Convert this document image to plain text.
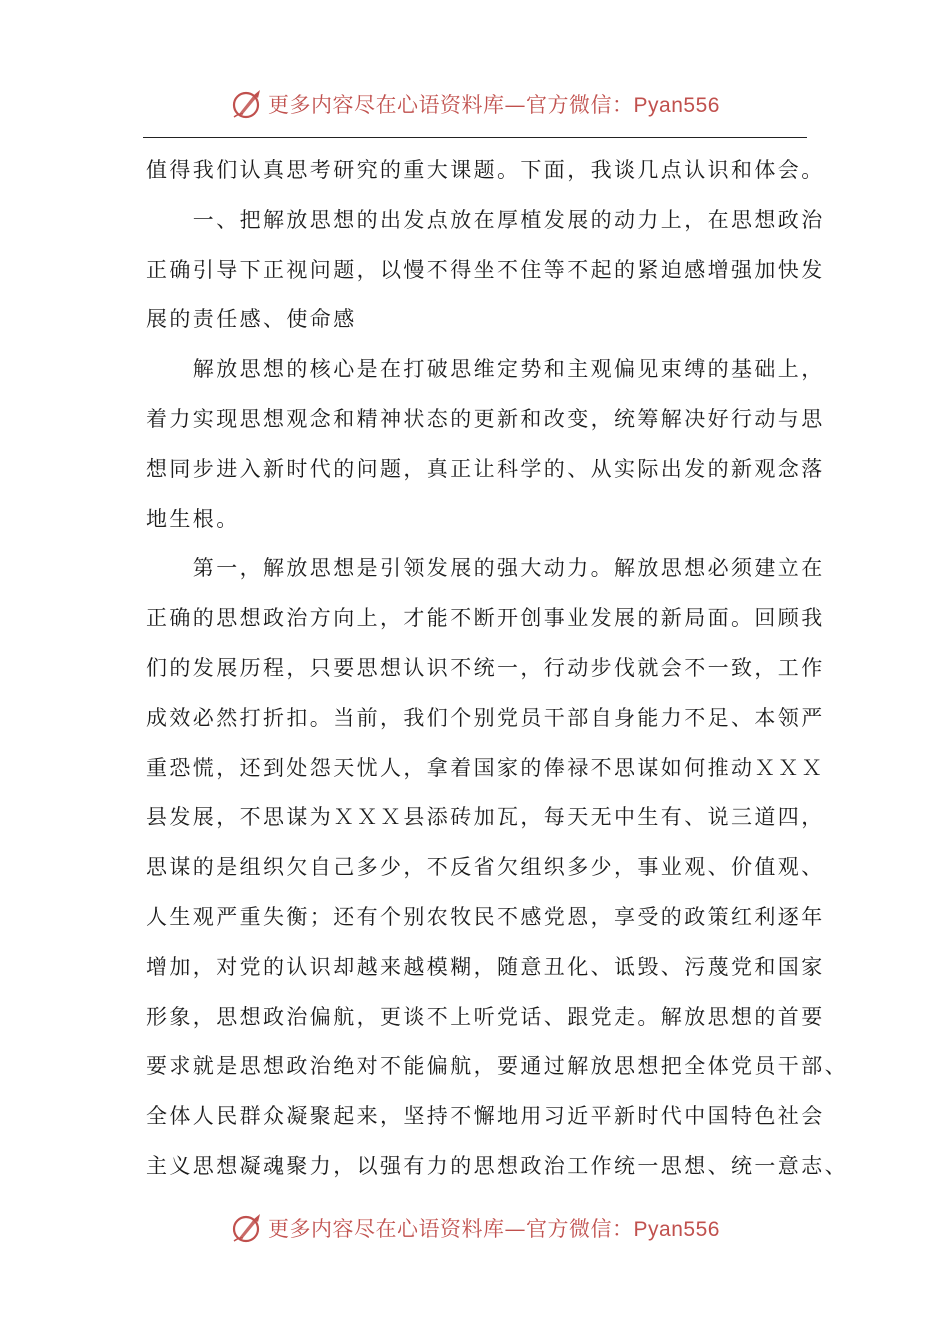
更多内容尽在心语资料库—官方微信：Pyan556
值得我们认真思考研究的重大课题。下面，我谈几点认识和体会。
　　一、把解放思想的出发点放在厚植发展的动力上，在思想政治
正确引导下正视问题，以慢不得坐不住等不起的紧迫感增强加快发
展的责任感、使命感
　　解放思想的核心是在打破思维定势和主观偏见束缚的基础上，
着力实现思想观念和精神状态的更新和改变，统筹解决好行动与思
想同步进入新时代的问题，真正让科学的、从实际出发的新观念落
地生根。
　　第一，解放思想是引领发展的强大动力。解放思想必须建立在
正确的思想政治方向上，才能不断开创事业发展的新局面。回顾我
们的发展历程，只要思想认识不统一，行动步伐就会不一致，工作
成效必然打折扣。当前，我们个别党员干部自身能力不足、本领严
重恐慌，还到处怨天忧人，拿着国家的俸禄不思谋如何推动ＸＸＸ
县发展，不思谋为ＸＸＸ县添砖加瓦，每天无中生有、说三道四，
思谋的是组织欠自己多少，不反省欠组织多少，事业观、价值观、
人生观严重失衡；还有个别农牧民不感党恩，享受的政策红利逐年
增加，对党的认识却越来越模糊，随意丑化、诋毁、污蔑党和国家
形象，思想政治偏航，更谈不上听党话、跟党走。解放思想的首要
要求就是思想政治绝对不能偏航，要通过解放思想把全体党员干部、
全体人民群众凝聚起来，坚持不懈地用习近平新时代中国特色社会
主义思想凝魂聚力，以强有力的思想政治工作统一思想、统一意志、
更多内容尽在心语资料库—官方微信：Pyan556
